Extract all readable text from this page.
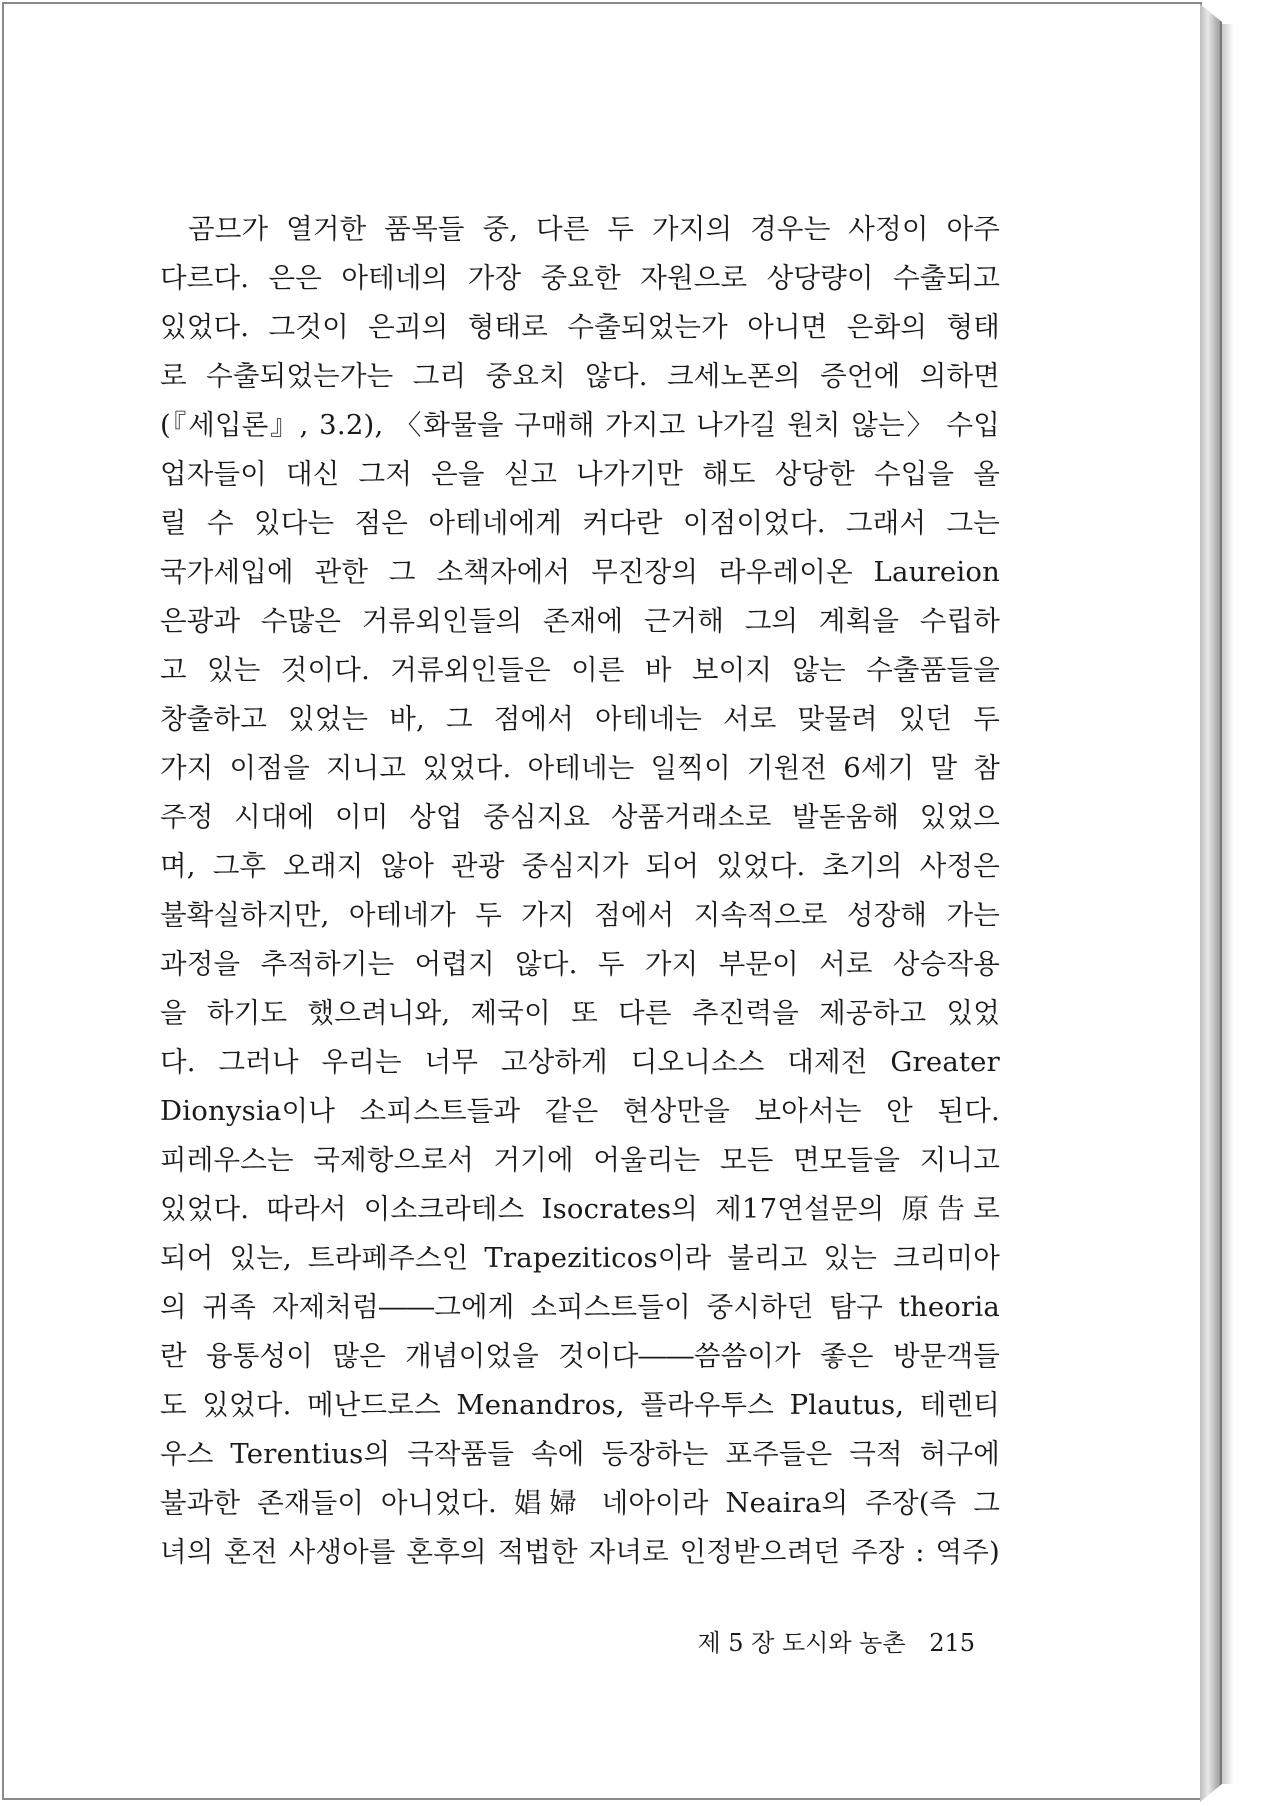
곰므가 열거한 품목들 중, 다른 두 가지의 경우는 사정이 아주
다르다. 은은 아테네의 가장 중요한 자원으로 상당량이 수출되고
있었다. 그것이 은괴의 형태로 수출되었는가 아니면 은화의 형태
로 수출되었는가는 그리 중요치 않다. 크세노폰의 증언에 의하면
(『세입론』, 3.2), 〈화물을 구매해 가지고 나가길 원치 않는〉 수입
업자들이 대신 그저 은을 싣고 나가기만 해도 상당한 수입을 올
릴 수 있다는 점은 아테네에게 커다란 이점이었다. 그래서 그는
국가세입에 관한 그 소책자에서 무진장의 라우레이온 Laureion
은광과 수많은 거류외인들의 존재에 근거해 그의 계획을 수립하
고 있는 것이다. 거류외인들은 이른 바 보이지 않는 수출품들을
창출하고 있었는 바, 그 점에서 아테네는 서로 맞물려 있던 두
가지 이점을 지니고 있었다. 아테네는 일찍이 기원전 6세기 말 참
주정 시대에 이미 상업 중심지요 상품거래소로 발돋움해 있었으
며, 그후 오래지 않아 관광 중심지가 되어 있었다. 초기의 사정은
불확실하지만, 아테네가 두 가지 점에서 지속적으로 성장해 가는
과정을 추적하기는 어렵지 않다. 두 가지 부문이 서로 상승작용
을 하기도 했으려니와, 제국이 또 다른 추진력을 제공하고 있었
다. 그러나 우리는 너무 고상하게 디오니소스 대제전 Greater
Dionysia이나 소피스트들과 같은 현상만을 보아서는 안 된다.
피레우스는 국제항으로서 거기에 어울리는 모든 면모들을 지니고
있었다. 따라서 이소크라테스 Isocrates의 제17연설문의 原告로
되어 있는, 트라페주스인 Trapeziticos이라 불리고 있는 크리미아
의 귀족 자제처럼――그에게 소피스트들이 중시하던 탐구 theoria
란 융통성이 많은 개념이었을 것이다――씀씀이가 좋은 방문객들
도 있었다. 메난드로스 Menandros, 플라우투스 Plautus, 테렌티
우스 Terentius의 극작품들 속에 등장하는 포주들은 극적 허구에
불과한 존재들이 아니었다. 娼婦 네아이라 Neaira의 주장(즉 그
녀의 혼전 사생아를 혼후의 적법한 자녀로 인정받으려던 주장 : 역주)
제 5 장 도시와 농촌 215
